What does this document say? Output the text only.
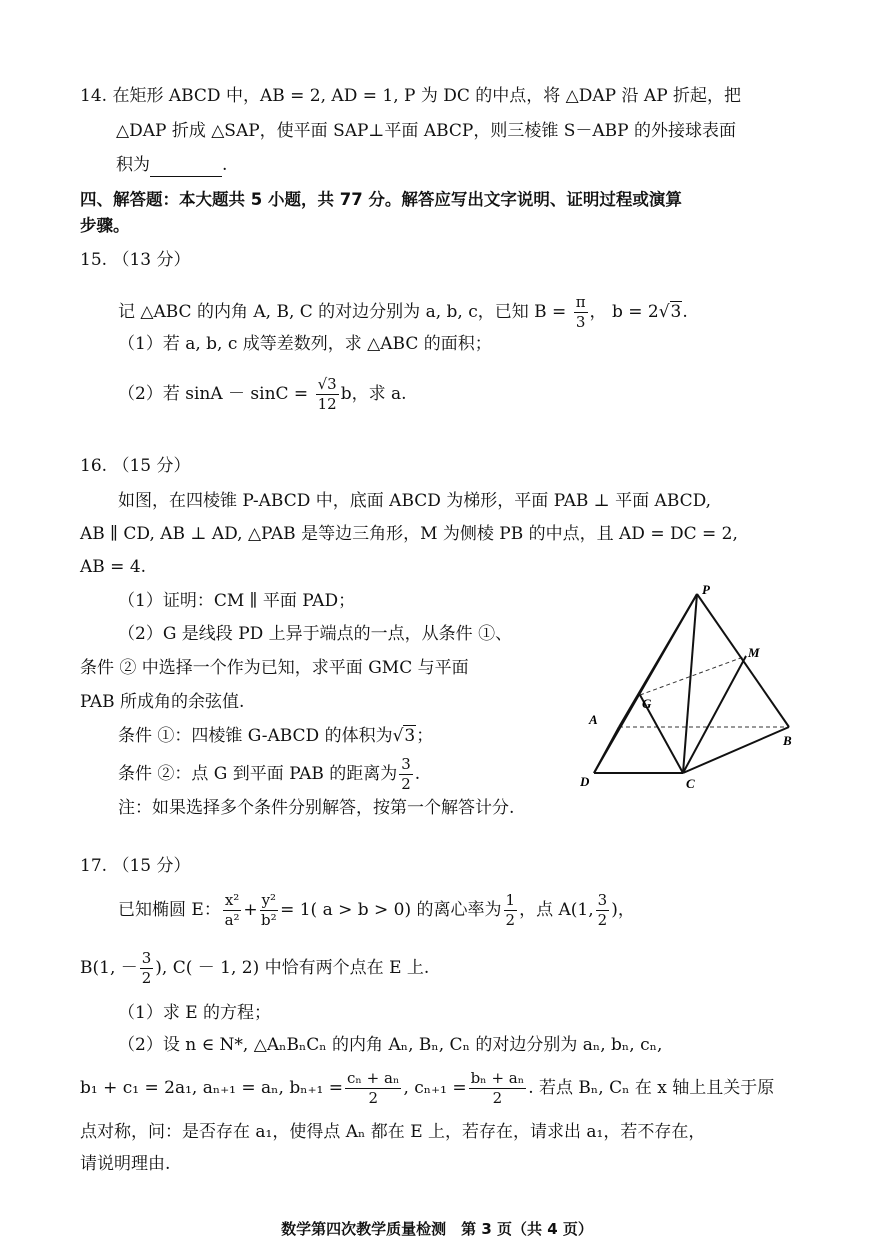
14. 在矩形 ABCD 中，AB = 2, AD = 1, P 为 DC 的中点，将 △DAP 沿 AP 折起，把
△DAP 折成 △SAP，使平面 SAP⊥平面 ABCP，则三棱锥 S－ABP 的外接球表面
积为	.
四、解答题：本大题共 5 小题，共 77 分。解答应写出文字说明、证明过程或演算
步骤。
15. （13 分）
记 △ABC 的内角 A, B, C 的对边分别为 a, b, c，已知 $B = \frac{\pi}{3}$ ， b = 2√3.
（1）若 a, b, c 成等差数列，求 △ABC 的面积；
（2）若 $\sin A - \sin C = \frac{√3}{12}$ b，求 a.
16. （15 分）
如图，在四棱锥 P-ABCD 中，底面 ABCD 为梯形，平面 PAB ⊥ 平面 ABCD,
AB ∥ CD, AB ⊥ AD, △PAB 是等边三角形，M 为侧棱 PB 的中点，且 AD = DC = 2,
AB = 4.
（1）证明：CM ∥ 平面 PAD；
（2）G 是线段 PD 上异于端点的一点，从条件 ①、
条件 ② 中选择一个作为已知，求平面 GMC 与平面
PAB 所成角的余弦值.
条件 ①：四棱锥 G-ABCD 的体积为√3；
条件 ②：点 G 到平面 PAB 的距离为 $\frac{3}{2}$ .
注：如果选择多个条件分别解答，按第一个解答计分.
P
M
G
A
B
C
D
17. （15 分）
已知椭圆 E： $\frac{\text{x²}}{\text{a²}} + \frac{\text{y²}}{\text{b²}} = 1$( a > b > 0) 的离心率为 $\frac{1}{2}$ ，点 A(1, $\frac{3}{2}$ )，
B(1, － $\frac{3}{2}$ ), C( － 1, 2) 中恰有两个点在 E 上.
（1）求 E 的方程；
（2）设 n ∈ N*, △AₙBₙCₙ 的内角 Aₙ, Bₙ, Cₙ 的对边分别为 aₙ, bₙ, cₙ,
b₁ + c₁ = 2a₁, aₙ₊₁ = aₙ, $b_{n+1} = \frac{\text{cₙ + aₙ}}{2}$ , $c_{n+1} = \frac{\text{bₙ + aₙ}}{2}$ . 若点 Bₙ, Cₙ 在 x 轴上且关于原
点对称，问：是否存在 a₁，使得点 Aₙ 都在 E 上，若存在，请求出 a₁，若不存在，
请说明理由.
数学第四次教学质量检测　第 3 页（共 4 页）
